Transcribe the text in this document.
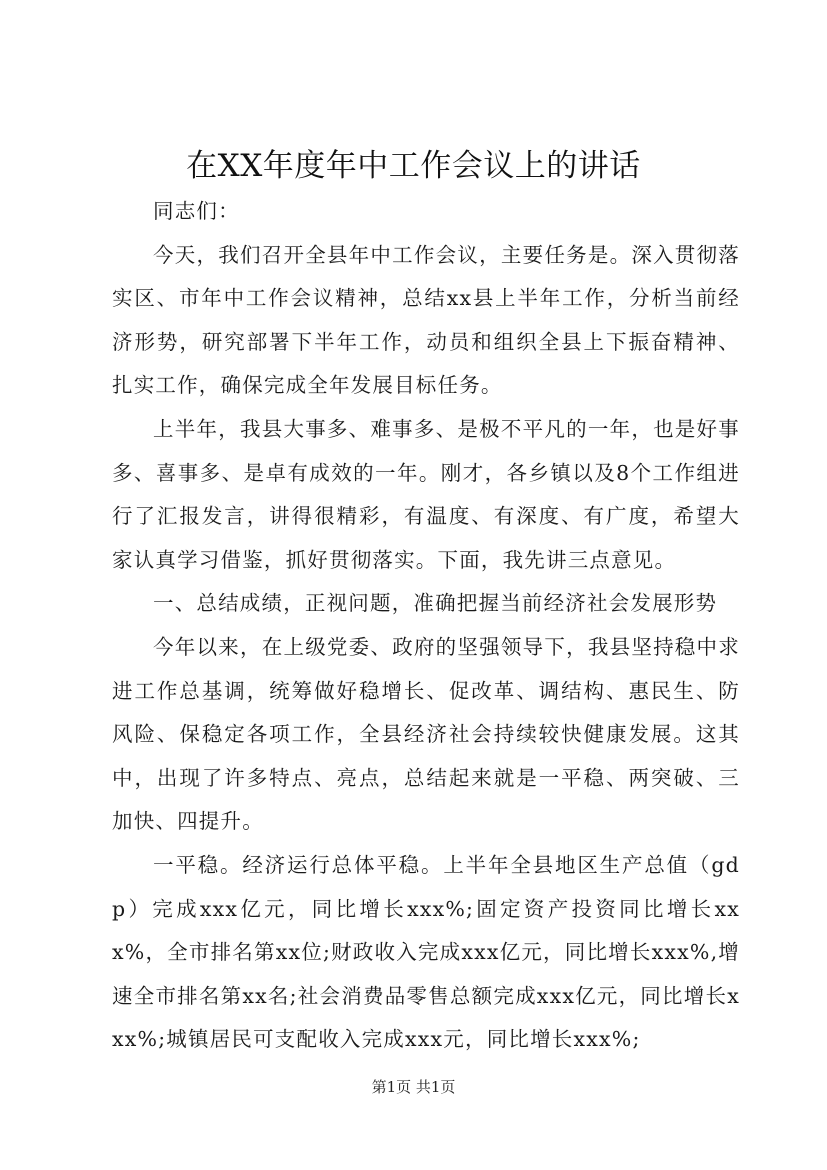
在XX年度年中工作会议上的讲话

同志们：

今天，我们召开全县年中工作会议，主要任务是。深入贯彻落实区、市年中工作会议精神，总结xx县上半年工作，分析当前经济形势，研究部署下半年工作，动员和组织全县上下振奋精神、扎实工作，确保完成全年发展目标任务。

上半年，我县大事多、难事多、是极不平凡的一年，也是好事多、喜事多、是卓有成效的一年。刚才，各乡镇以及8个工作组进行了汇报发言，讲得很精彩，有温度、有深度、有广度，希望大家认真学习借鉴，抓好贯彻落实。下面，我先讲三点意见。

一、总结成绩，正视问题，准确把握当前经济社会发展形势

今年以来，在上级党委、政府的坚强领导下，我县坚持稳中求进工作总基调，统筹做好稳增长、促改革、调结构、惠民生、防风险、保稳定各项工作，全县经济社会持续较快健康发展。这其中，出现了许多特点、亮点，总结起来就是一平稳、两突破、三加快、四提升。

一平稳。经济运行总体平稳。上半年全县地区生产总值（gdp）完成xxx亿元，同比增长xxx%;固定资产投资同比增长xxx%，全市排名第xx位;财政收入完成xxx亿元，同比增长xxx%,增速全市排名第xx名;社会消费品零售总额完成xxx亿元，同比增长xxx%;城镇居民可支配收入完成xxx元，同比增长xxx%;

第1页 共1页
